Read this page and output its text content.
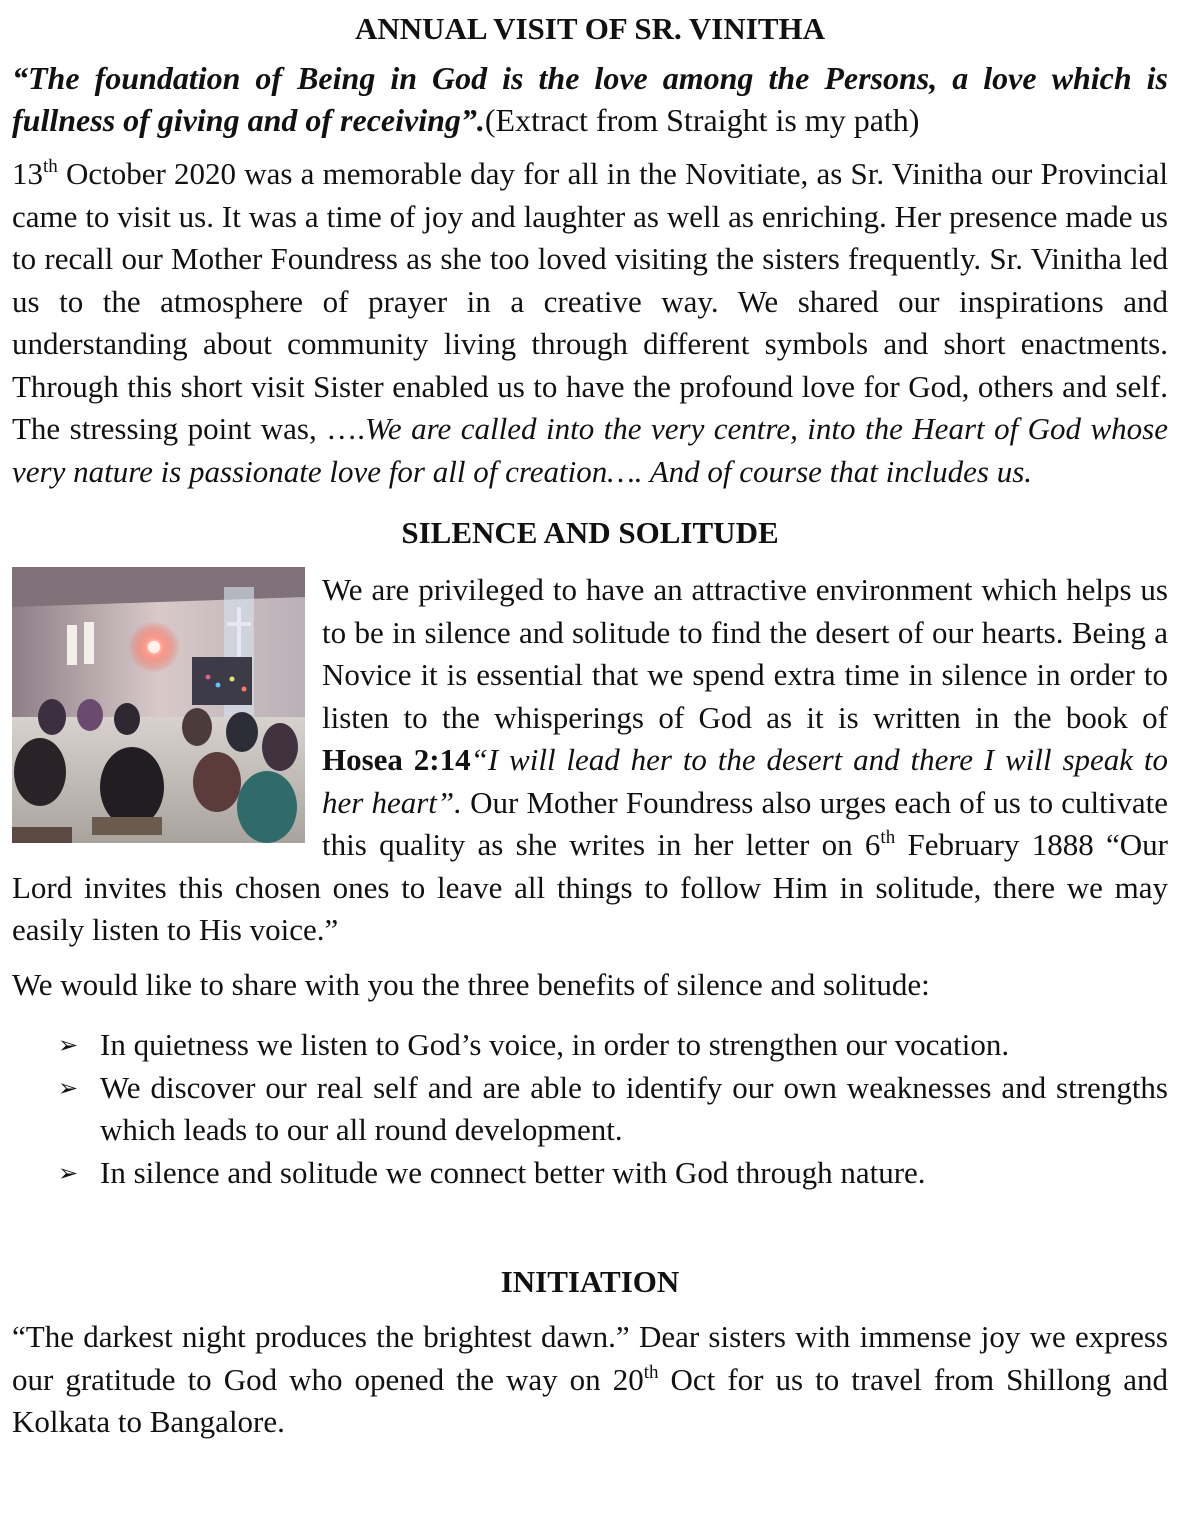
ANNUAL VISIT OF SR. VINITHA

“The foundation of Being in God is the love among the Persons, a love which is fullness of giving and of receiving”.(Extract from Straight is my path)

13th October 2020 was a memorable day for all in the Novitiate, as Sr. Vinitha our Provincial came to visit us. It was a time of joy and laughter as well as enriching. Her presence made us to recall our Mother Foundress as she too loved visiting the sisters frequently. Sr. Vinitha led us to the atmosphere of prayer in a creative way. We shared our inspirations and understanding about community living through different symbols and short enactments. Through this short visit Sister enabled us to have the profound love for God, others and self. The stressing point was, ….We are called into the very centre, into the Heart of God whose very nature is passionate love for all of creation…. And of course that includes us.

SILENCE AND SOLITUDE

We are privileged to have an attractive environment which helps us to be in silence and solitude to find the desert of our hearts. Being a Novice it is essential that we spend extra time in silence in order to listen to the whisperings of God as it is written in the book of Hosea 2:14“I will lead her to the desert and there I will speak to her heart”. Our Mother Foundress also urges each of us to cultivate this quality as she writes in her letter on 6th February 1888 “Our Lord invites this chosen ones to leave all things to follow Him in solitude, there we may easily listen to His voice.”

We would like to share with you the three benefits of silence and solitude:

➢ In quietness we listen to God’s voice, in order to strengthen our vocation.
➢ We discover our real self and are able to identify our own weaknesses and strengths which leads to our all round development.
➢ In silence and solitude we connect better with God through nature.
INITIATION

“The darkest night produces the brightest dawn.” Dear sisters with immense joy we express our gratitude to God who opened the way on 20th Oct for us to travel from Shillong and Kolkata to Bangalore.
